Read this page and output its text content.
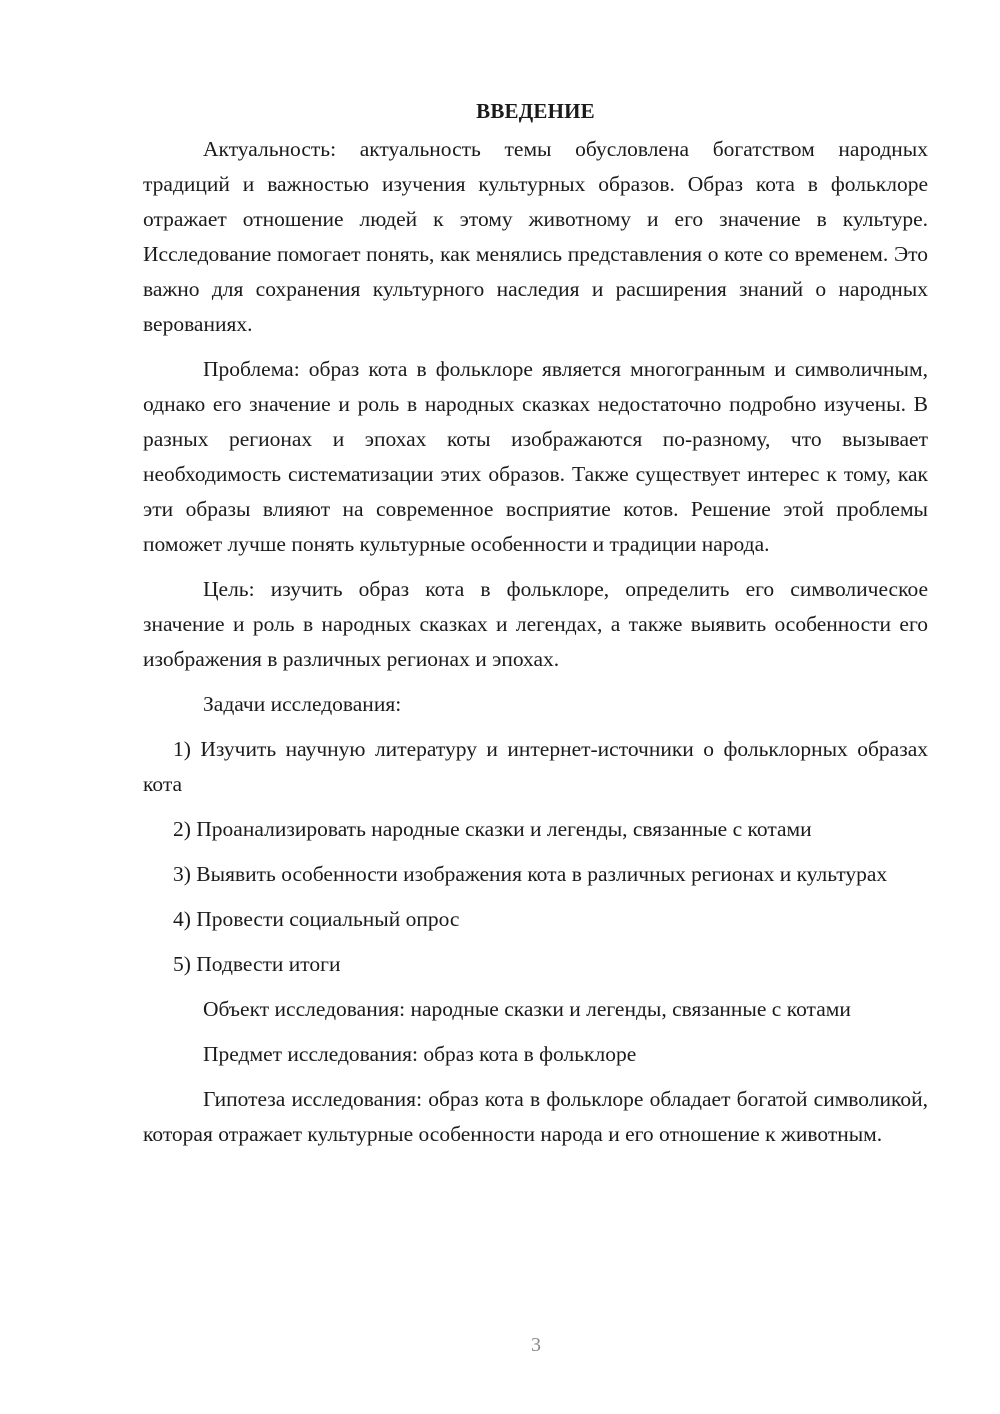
ВВЕДЕНИЕ

Актуальность: актуальность темы обусловлена богатством народных традиций и важностью изучения культурных образов. Образ кота в фольклоре отражает отношение людей к этому животному и его значение в культуре. Исследование помогает понять, как менялись представления о коте со временем. Это важно для сохранения культурного наследия и расширения знаний о народных верованиях.

Проблема: образ кота в фольклоре является многогранным и символичным, однако его значение и роль в народных сказках недостаточно подробно изучены. В разных регионах и эпохах коты изображаются по-разному, что вызывает необходимость систематизации этих образов. Также существует интерес к тому, как эти образы влияют на современное восприятие котов. Решение этой проблемы поможет лучше понять культурные особенности и традиции народа.

Цель: изучить образ кота в фольклоре, определить его символическое значение и роль в народных сказках и легендах, а также выявить особенности его изображения в различных регионах и эпохах.

Задачи исследования:

1) Изучить научную литературу и интернет-источники о фольклорных образах кота

2) Проанализировать народные сказки и легенды, связанные с котами

3) Выявить особенности изображения кота в различных регионах и культурах

4) Провести социальный опрос

5) Подвести итоги

Объект исследования: народные сказки и легенды, связанные с котами

Предмет исследования: образ кота в фольклоре

Гипотеза исследования: образ кота в фольклоре обладает богатой символикой, которая отражает культурные особенности народа и его отношение к животным.

3
